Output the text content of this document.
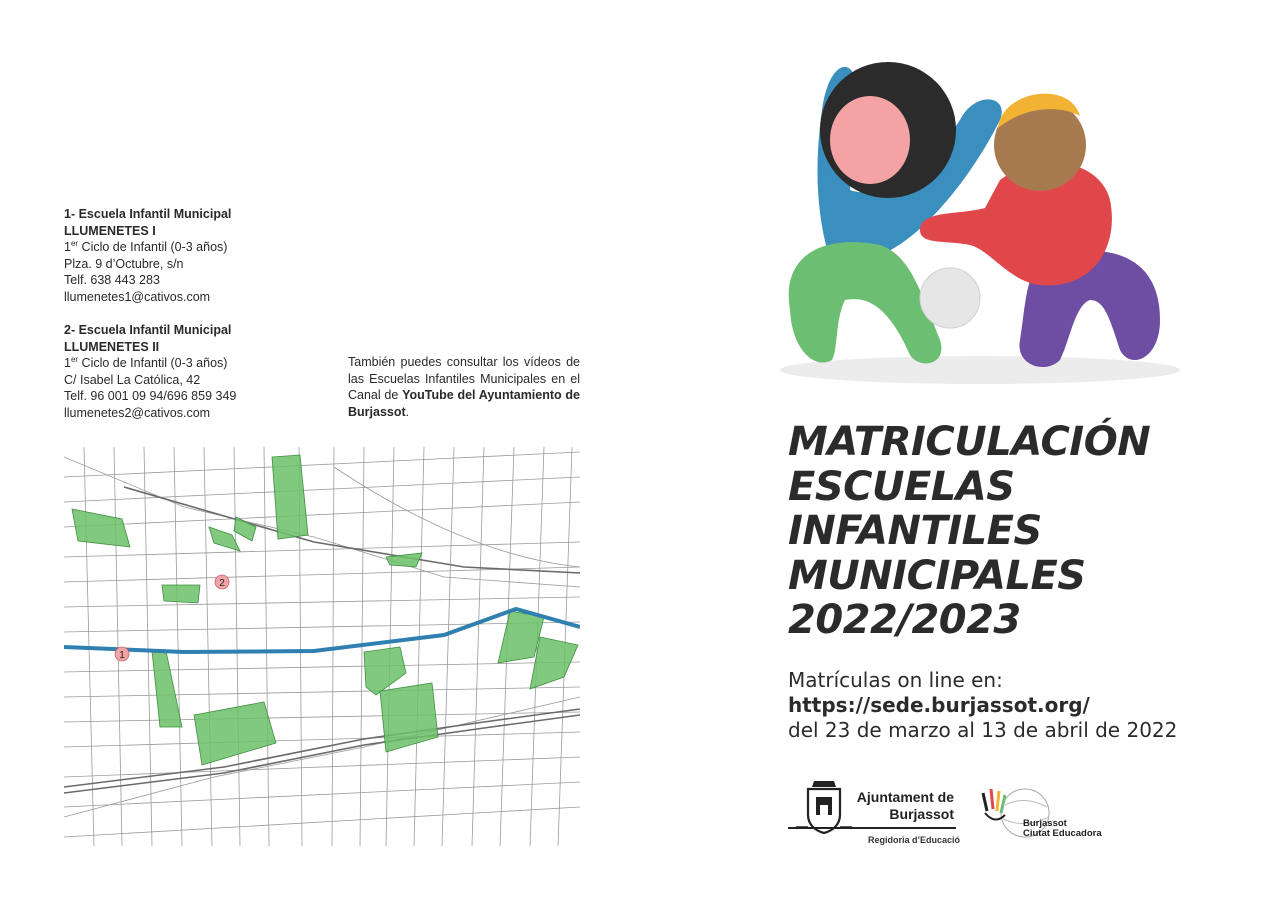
1- Escuela Infantil Municipal
LLUMENETES I
1er Ciclo de Infantil (0-3 años)
Plza. 9 d’Octubre, s/n
Telf. 638 443 283
llumenetes1@cativos.com
2- Escuela Infantil Municipal
LLUMENETES II
1er Ciclo de Infantil (0-3 años)
C/ Isabel La Católica, 42
Telf. 96 001 09 94/696 859 349
llumenetes2@cativos.com
También puedes consultar los vídeos de las Escuelas Infantiles Municipales en el Canal de YouTube del Ayuntamiento de Burjassot.
1
2
MATRICULACIÓN
ESCUELAS
INFANTILES
MUNICIPALES
2022/2023
Matrículas on line en:
https://sede.burjassot.org/
del 23 de marzo al 13 de abril de 2022
Ajuntament de
Burjassot
Regidoria d’Educació
Burjassot
Ciutat Educadora
